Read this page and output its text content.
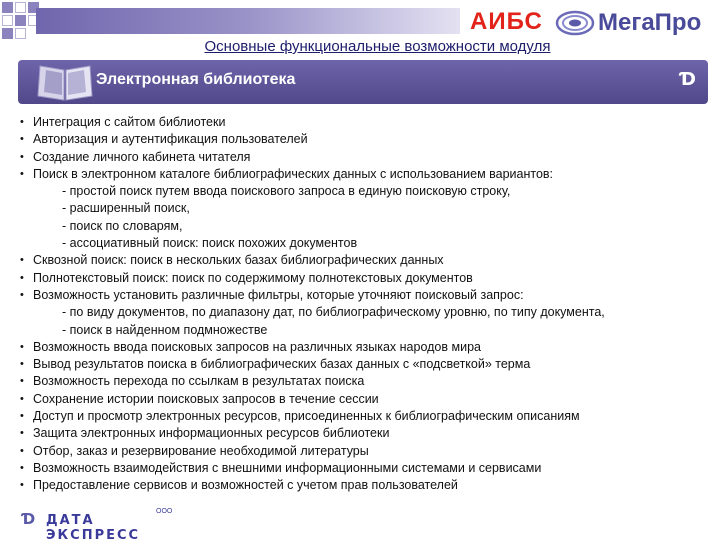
АИБС МегаПро
Основные функциональные возможности модуля
Электронная библиотека	Ɗ
• Интеграция с сайтом библиотеки
• Авторизация и аутентификация пользователей
• Создание личного кабинета читателя
• Поиск в электронном каталоге библиографических данных с использованием вариантов:
- простой поиск путем ввода поискового запроса в единую поисковую строку,
- расширенный поиск,
- поиск по словарям,
- ассоциативный поиск: поиск похожих документов
• Сквозной поиск: поиск в нескольких базах библиографических данных
• Полнотекстовый поиск: поиск по содержимому полнотекстовых документов
• Возможность установить различные фильтры, которые уточняют поисковый запрос:
- по виду документов, по диапазону дат, по библиографическому уровню, по типу документа,
- поиск в найденном подмножестве
• Возможность ввода поисковых запросов на различных языках народов мира
• Вывод результатов поиска в библиографических базах данных с «подсветкой» терма
• Возможность перехода по ссылкам в результатах поиска
• Сохранение истории поисковых запросов в течение сессии
• Доступ и просмотр электронных ресурсов, присоединенных к библиографическим описаниям
• Защита электронных информационных ресурсов библиотеки
• Отбор, заказ и резервирование необходимой литературы
• Возможность взаимодействия с внешними информационными системами и сервисами
• Предоставление сервисов и возможностей с учетом прав пользователей
Ɗ ДАТА ЭКСПРЕСС
ООО
